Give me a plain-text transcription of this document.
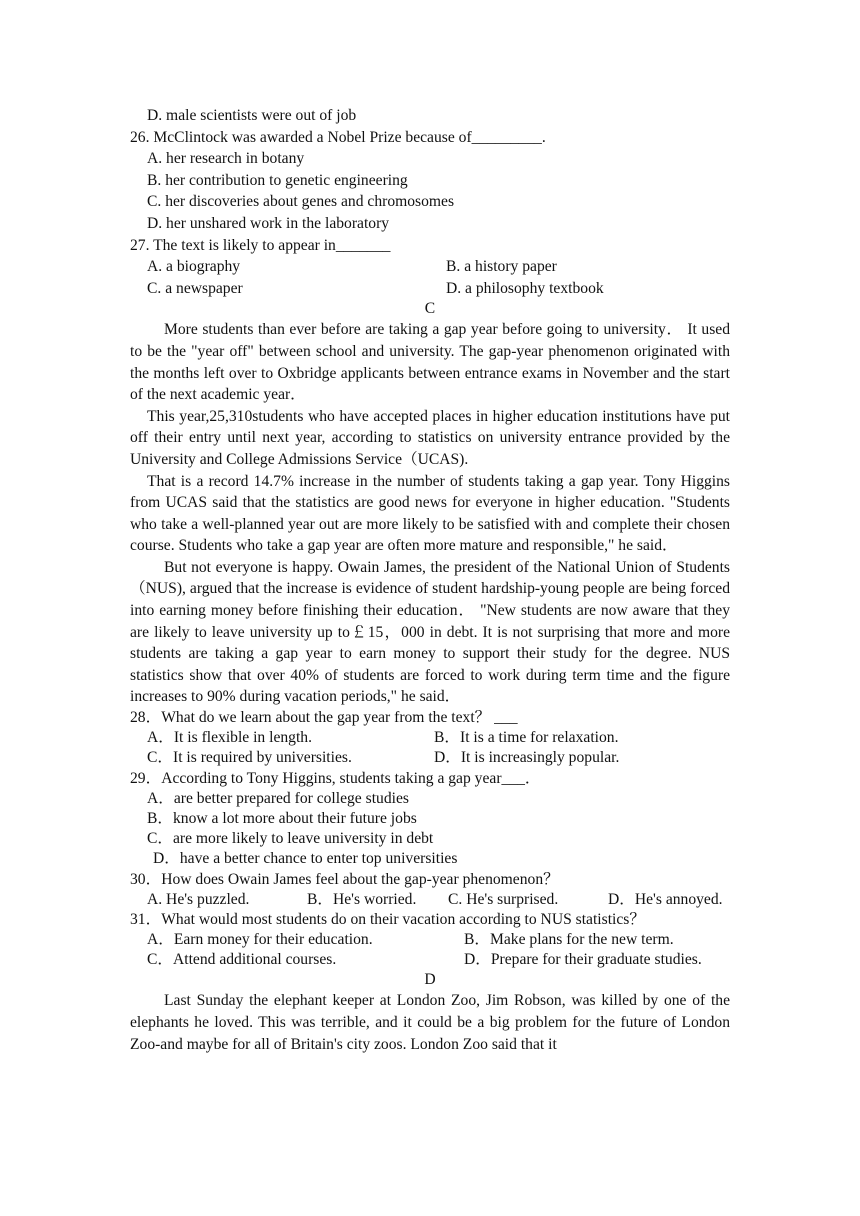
D. male scientists were out of job
26. McClintock was awarded a Nobel Prize because of_________.
A. her research in botany
B. her contribution to genetic engineering
C. her discoveries about genes and chromosomes
D. her unshared work in the laboratory
27. The text is likely to appear in_______
A. a biography	B. a history paper
C. a newspaper	D. a philosophy textbook
C

More students than ever before are taking a gap year before going to university． It used to be the "year off" between school and university. The gap-year phenomenon originated with the months left over to Oxbridge applicants between entrance exams in November and the start of the next academic year．

This year,25,310students who have accepted places in higher education institutions have put off their entry until next year, according to statistics on university entrance provided by the University and College Admissions Service（UCAS).

That is a record 14.7% increase in the number of students taking a gap year. Tony Higgins from UCAS said that the statistics are good news for everyone in higher education. "Students who take a well-planned year out are more likely to be satisfied with and complete their chosen course. Students who take a gap year are often more mature and responsible," he said．

But not everyone is happy. Owain James, the president of the National Union of Students（NUS), argued that the increase is evidence of student hardship-young people are being forced into earning money before finishing their education． "New students are now aware that they are likely to leave university up to￡15，000 in debt. It is not surprising that more and more students are taking a gap year to earn money to support their study for the degree. NUS statistics show that over 40% of students are forced to work during term time and the figure increases to 90% during vacation periods," he said．

28．What do we learn about the gap year from the text？ ___
A．It is flexible in length.	B．It is a time for relaxation.
C．It is required by universities.	D．It is increasingly popular.
29．According to Tony Higgins, students taking a gap year___．
A．are better prepared for college studies
B．know a lot more about their future jobs
C．are more likely to leave university in debt
D．have a better chance to enter top universities
30．How does Owain James feel about the gap-year phenomenon？
A. He's puzzled.	B．He's worried.	C. He's surprised.	D．He's annoyed.
31．What would most students do on their vacation according to NUS statistics？
A．Earn money for their education.	B．Make plans for the new term.
C．Attend additional courses.	D．Prepare for their graduate studies.
D

Last Sunday the elephant keeper at London Zoo, Jim Robson, was killed by one of the elephants he loved. This was terrible, and it could be a big problem for the future of London Zoo-and maybe for all of Britain's city zoos. London Zoo said that it
